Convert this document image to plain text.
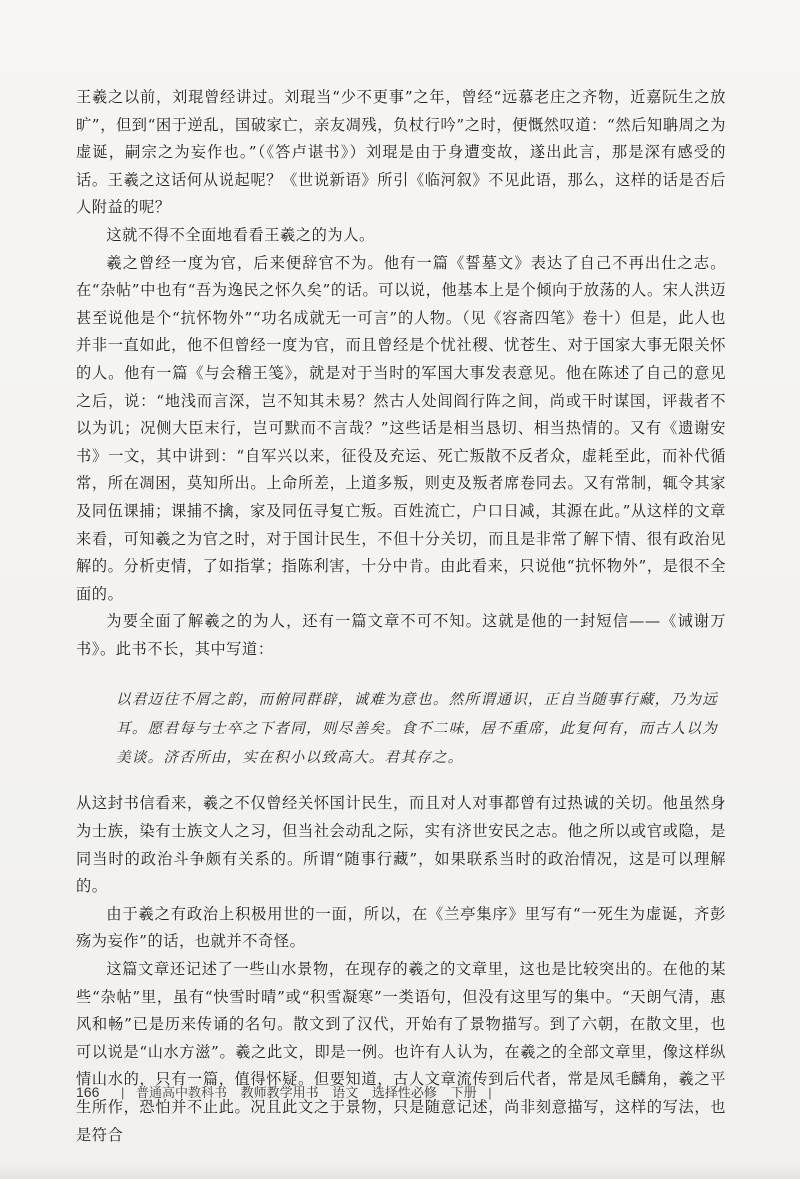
王羲之以前，刘琨曾经讲过。刘琨当“少不更事”之年，曾经“远慕老庄之齐物，近嘉阮生之放旷”，但到“困于逆乱，国破家亡，亲友凋残，负杖行吟”之时，便慨然叹道：“然后知聃周之为虚诞，嗣宗之为妄作也。”（《答卢谌书》）刘琨是由于身遭变故，遂出此言，那是深有感受的话。王羲之这话何从说起呢？《世说新语》所引《临河叙》不见此语，那么，这样的话是否后人附益的呢？

这就不得不全面地看看王羲之的为人。

羲之曾经一度为官，后来便辞官不为。他有一篇《誓墓文》表达了自己不再出仕之志。在“杂帖”中也有“吾为逸民之怀久矣”的话。可以说，他基本上是个倾向于放荡的人。宋人洪迈甚至说他是个“抗怀物外”“功名成就无一可言”的人物。（见《容斋四笔》卷十）但是，此人也并非一直如此，他不但曾经一度为官，而且曾经是个忧社稷、忧苍生、对于国家大事无限关怀的人。他有一篇《与会稽王笺》，就是对于当时的军国大事发表意见。他在陈述了自己的意见之后，说：“地浅而言深，岂不知其未易？然古人处闾阎行阵之间，尚或干时谋国，评裁者不以为讥；况侧大臣末行，岂可默而不言哉？”这些话是相当恳切、相当热情的。又有《遗谢安书》一文，其中讲到：“自军兴以来，征役及充运、死亡叛散不反者众，虚耗至此，而补代循常，所在凋困，莫知所出。上命所差，上道多叛，则吏及叛者席卷同去。又有常制，辄令其家及同伍课捕；课捕不擒，家及同伍寻复亡叛。百姓流亡，户口日减，其源在此。”从这样的文章来看，可知羲之为官之时，对于国计民生，不但十分关切，而且是非常了解下情、很有政治见解的。分析吏情，了如指掌；指陈利害，十分中肯。由此看来，只说他“抗怀物外”，是很不全面的。

为要全面了解羲之的为人，还有一篇文章不可不知。这就是他的一封短信——《诫谢万书》。此书不长，其中写道：

以君迈往不屑之韵，而俯同群辟，诚难为意也。然所谓通识，正自当随事行藏，乃为远耳。愿君每与士卒之下者同，则尽善矣。食不二味，居不重席，此复何有，而古人以为美谈。济否所由，实在积小以致高大。君其存之。

从这封书信看来，羲之不仅曾经关怀国计民生，而且对人对事都曾有过热诚的关切。他虽然身为士族，染有士族文人之习，但当社会动乱之际，实有济世安民之志。他之所以或官或隐，是同当时的政治斗争颇有关系的。所谓“随事行藏”，如果联系当时的政治情况，这是可以理解的。

由于羲之有政治上积极用世的一面，所以，在《兰亭集序》里写有“一死生为虚诞，齐彭殇为妄作”的话，也就并不奇怪。

这篇文章还记述了一些山水景物，在现存的羲之的文章里，这也是比较突出的。在他的某些“杂帖”里，虽有“快雪时晴”或“积雪凝寒”一类语句，但没有这里写的集中。“天朗气清，惠风和畅”已是历来传诵的名句。散文到了汉代，开始有了景物描写。到了六朝，在散文里，也可以说是“山水方滋”。羲之此文，即是一例。也许有人认为，在羲之的全部文章里，像这样纵情山水的，只有一篇，值得怀疑。但要知道，古人文章流传到后代者，常是凤毛麟角，羲之平生所作，恐怕并不止此。况且此文之于景物，只是随意记述，尚非刻意描写，这样的写法，也是符合

166 | 普通高中教科书 教师教学用书 语文 选择性必修 下册 |
